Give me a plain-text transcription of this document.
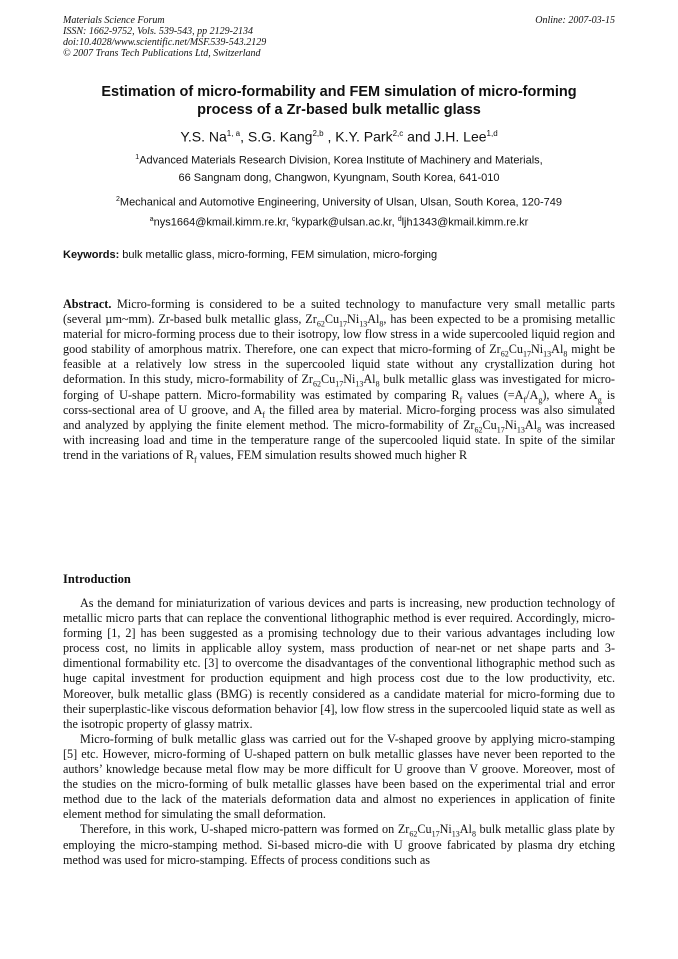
Materials Science Forum
ISSN: 1662-9752, Vols. 539-543, pp 2129-2134
doi:10.4028/www.scientific.net/MSF.539-543.2129
© 2007 Trans Tech Publications Ltd, Switzerland
Online: 2007-03-15
Estimation of micro-formability and FEM simulation of micro-forming
process of a Zr-based bulk metallic glass
Y.S. Na$^{1, a}$, S.G. Kang$^{2,b}$ , K.Y. Park$^{2,c}$ and J.H. Lee$^{1,d}$
$^1$Advanced Materials Research Division, Korea Institute of Machinery and Materials,
66 Sangnam dong, Changwon, Kyungnam, South Korea, 641-010
$^2$Mechanical and Automotive Engineering, University of Ulsan, Ulsan, South Korea, 120-749
$^a$nys1664@kmail.kimm.re.kr, $^c$kypark@ulsan.ac.kr, $^d$ljh1343@kmail.kimm.re.kr
Keywords: bulk metallic glass, micro-forming, FEM simulation, micro-forging
Abstract. Micro-forming is considered to be a suited technology to manufacture very small metallic parts (several µm~mm). Zr-based bulk metallic glass, $Zr_{62}Cu_{17}Ni_{13}Al_8$, has been expected to be a promising metallic material for micro-forming process due to their isotropy, low flow stress in a wide supercooled liquid region and good stability of amorphous matrix. Therefore, one can expect that micro-forming of $Zr_{62}Cu_{17}Ni_{13}Al_8$ might be feasible at a relatively low stress in the supercooled liquid state without any crystallization during hot deformation. In this study, micro-formability of $Zr_{62}Cu_{17}Ni_{13}Al_8$ bulk metallic glass was investigated for micro-forging of U-shape pattern. Micro-formability was estimated by comparing $R_f$ values $(=A_f/A_g)$, where $A_g$ is corss-sectional area of U groove, and $A_f$ the filled area by material. Micro-forging process was also simulated and analyzed by applying the finite element method. The micro-formability of $Zr_{62}Cu_{17}Ni_{13}Al_8$ was increased with increasing load and time in the temperature range of the supercooled liquid state. In spite of the similar trend in the variations of $R_f$ values, FEM simulation results showed much higher R
Introduction

As the demand for miniaturization of various devices and parts is increasing, new production technology of metallic micro parts that can replace the conventional lithographic method is ever required. Accordingly, micro-forming [1, 2] has been suggested as a promising technology due to their various advantages including low process cost, no limits in applicable alloy system, mass production of near-net or net shape parts and 3-dimentional formability etc. [3] to overcome the disadvantages of the conventional lithographic method such as huge capital investment for production equipment and high process cost due to the low productivity, etc. Moreover, bulk metallic glass (BMG) is recently considered as a candidate material for micro-forming due to their superplastic-like viscous deformation behavior [4], low flow stress in the supercooled liquid state as well as the isotropic property of glassy matrix.

Micro-forming of bulk metallic glass was carried out for the V-shaped groove by applying micro-stamping [5] etc. However, micro-forming of U-shaped pattern on bulk metallic glasses have never been reported to the authors’ knowledge because metal flow may be more difficult for U groove than V groove. Moreover, most of the studies on the micro-forming of bulk metallic glasses have been based on the experimental trial and error method due to the lack of the materials deformation data and almost no experiences in application of finite element method for simulating the small deformation.

Therefore, in this work, U-shaped micro-pattern was formed on $Zr_{62}Cu_{17}Ni_{13}Al_8$ bulk metallic glass plate by employing the micro-stamping method. Si-based micro-die with U groove fabricated by plasma dry etching method was used for micro-stamping. Effects of process conditions such as
